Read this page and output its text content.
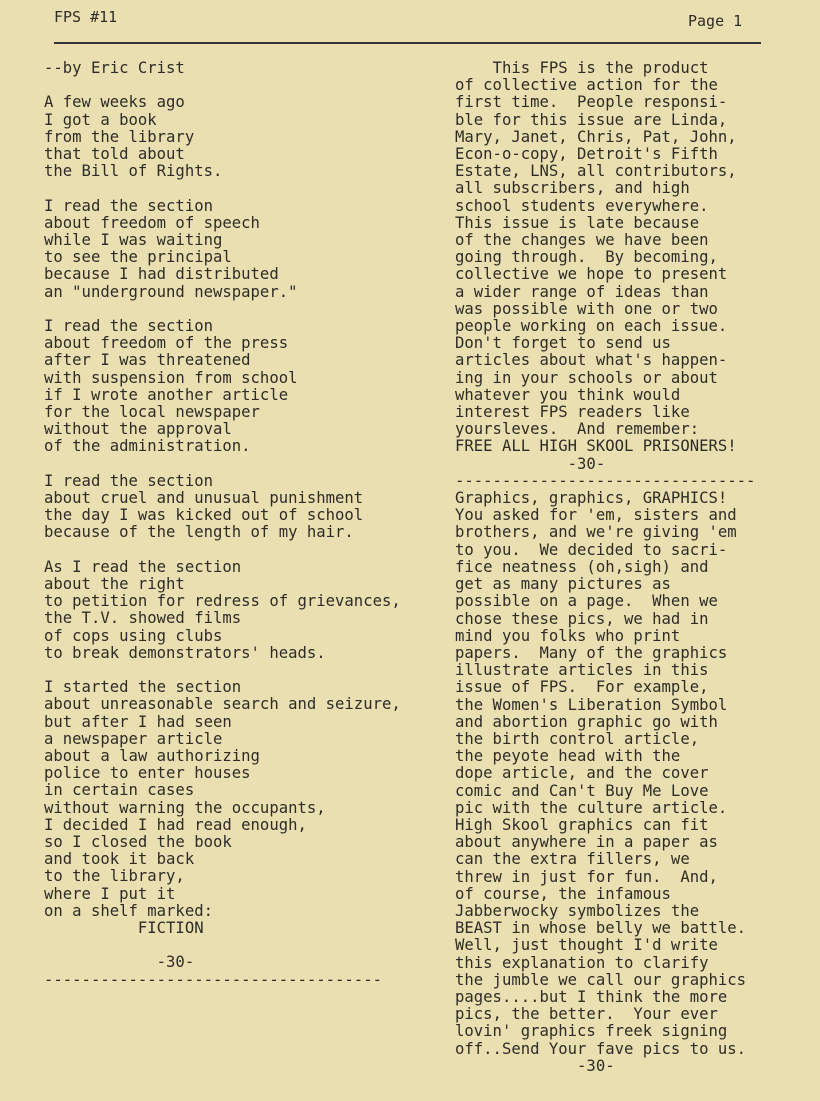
FPS #11	Page 1
--by Eric Crist
A few weeks ago
I got a book
from the library
that told about
the Bill of Rights.
I read the section
about freedom of speech
while I was waiting
to see the principal
because I had distributed
an "underground newspaper."
I read the section
about freedom of the press
after I was threatened
with suspension from school
if I wrote another article
for the local newspaper
without the approval
of the administration.
I read the section
about cruel and unusual punishment
the day I was kicked out of school
because of the length of my hair.
As I read the section
about the right
to petition for redress of grievances,
the T.V. showed films
of cops using clubs
to break demonstrators' heads.
I started the section
about unreasonable search and seizure,
but after I had seen
a newspaper article
about a law authorizing
police to enter houses
in certain cases
without warning the occupants,
I decided I had read enough,
so I closed the book
and took it back
to the library,
where I put it
on a shelf marked:
FICTION
-30-
------------------------------------
This FPS is the product
of collective action for the
first time.  People responsi-
ble for this issue are Linda,
Mary, Janet, Chris, Pat, John,
Econ-o-copy, Detroit's Fifth
Estate, LNS, all contributors,
all subscribers, and high
school students everywhere.
This issue is late because
of the changes we have been
going through.  By becoming,
collective we hope to present
a wider range of ideas than
was possible with one or two
people working on each issue.
Don't forget to send us
articles about what's happen-
ing in your schools or about
whatever you think would
interest FPS readers like
yoursleves.  And remember:
FREE ALL HIGH SKOOL PRISONERS!
-30-
--------------------------------
Graphics, graphics, GRAPHICS!
You asked for 'em, sisters and
brothers, and we're giving 'em
to you.  We decided to sacri-
fice neatness (oh,sigh) and
get as many pictures as
possible on a page.  When we
chose these pics, we had in
mind you folks who print
papers.  Many of the graphics
illustrate articles in this
issue of FPS.  For example,
the Women's Liberation Symbol
and abortion graphic go with
the birth control article,
the peyote head with the
dope article, and the cover
comic and Can't Buy Me Love
pic with the culture article.
High Skool graphics can fit
about anywhere in a paper as
can the extra fillers, we
threw in just for fun.  And,
of course, the infamous
Jabberwocky symbolizes the
BEAST in whose belly we battle.
Well, just thought I'd write
this explanation to clarify
the jumble we call our graphics
pages....but I think the more
pics, the better.  Your ever
lovin' graphics freek signing
off..Send Your fave pics to us.
-30-
